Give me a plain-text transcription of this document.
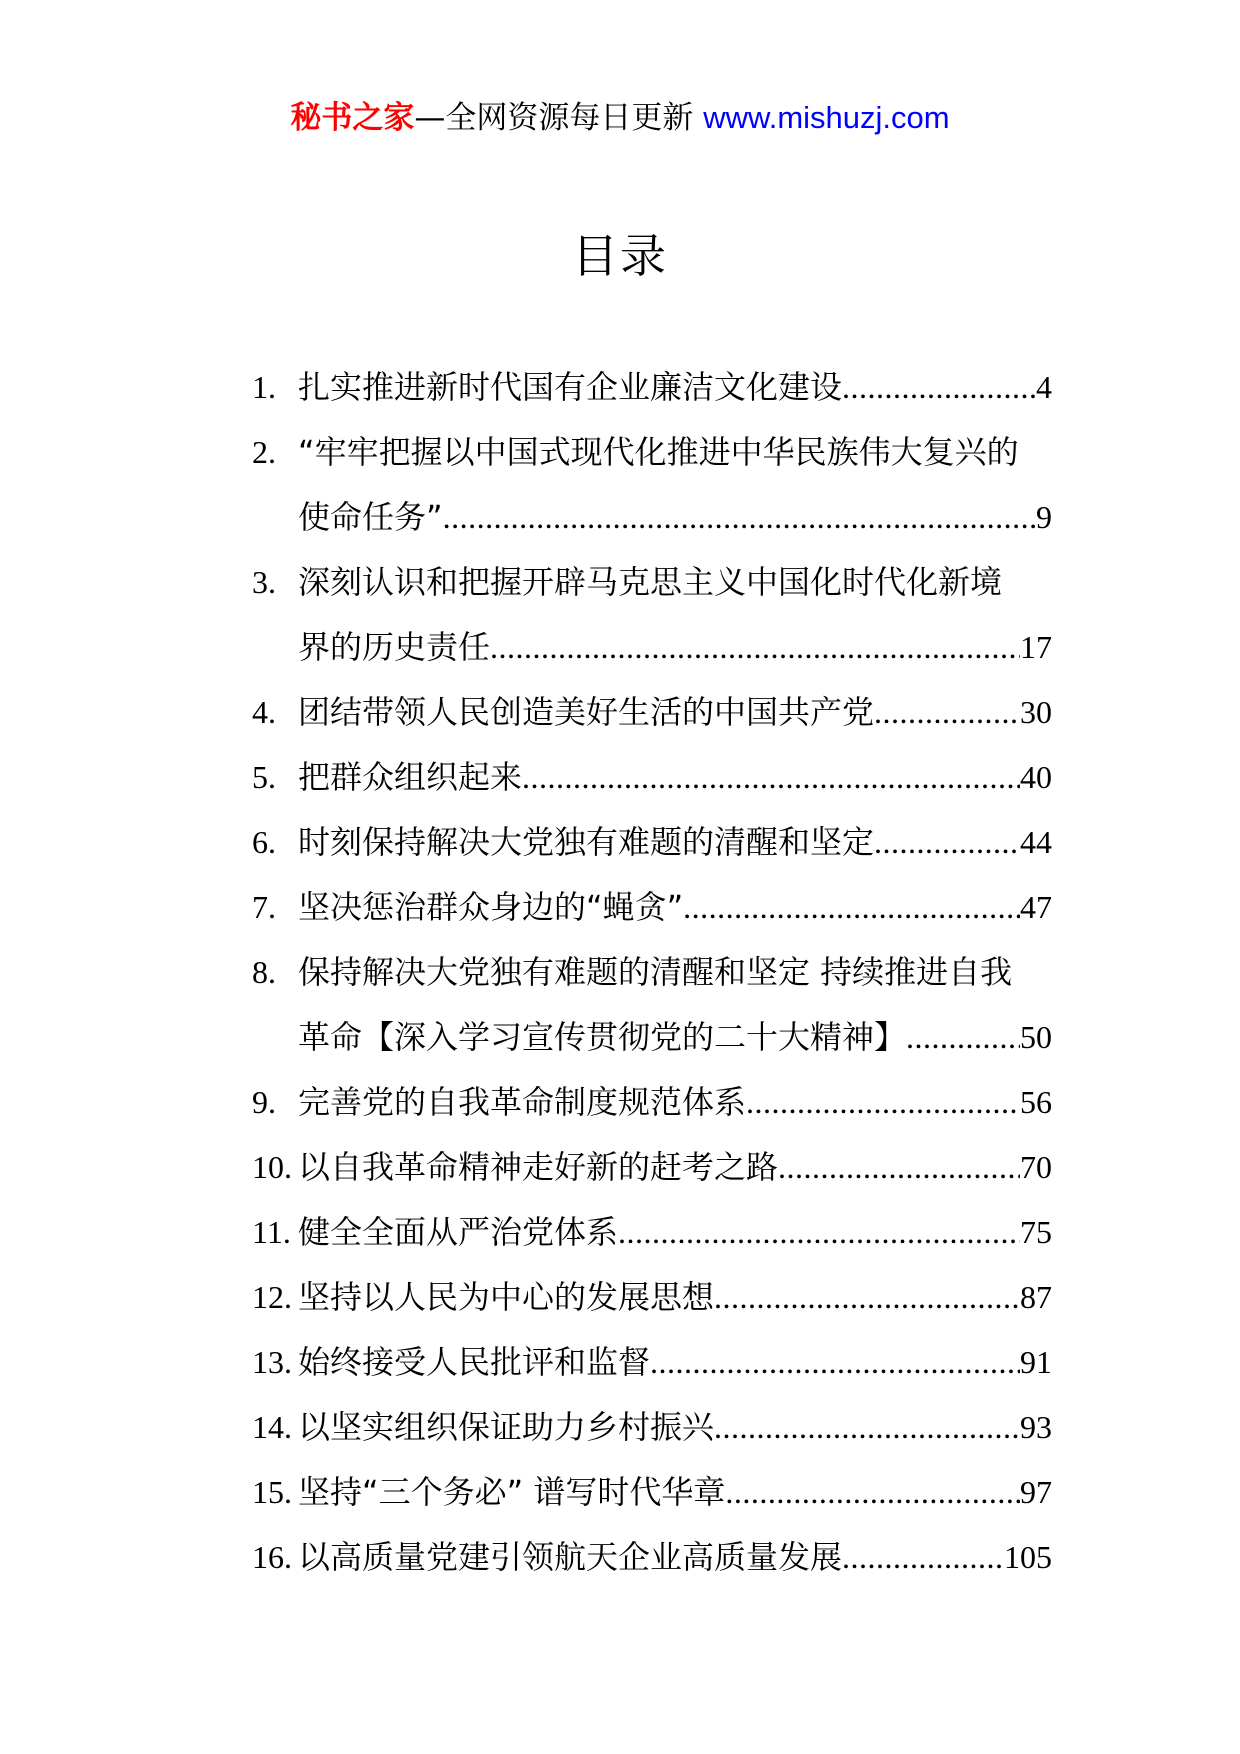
秘书之家—全网资源每日更新 www.mishuzj.com
目录
1. 扎实推进新时代国有企业廉洁文化建设 .....	4
2. “牢牢把握以中国式现代化推进中华民族伟大复兴的
使命任务” .....	9
3. 深刻认识和把握开辟马克思主义中国化时代化新境
界的历史责任 .....	17
4. 团结带领人民创造美好生活的中国共产党 .....	30
5. 把群众组织起来 .....	40
6. 时刻保持解决大党独有难题的清醒和坚定 .....	44
7. 坚决惩治群众身边的“蝇贪” .....	47
8. 保持解决大党独有难题的清醒和坚定 持续推进自我
革命【深入学习宣传贯彻党的二十大精神】 .....	50
9. 完善党的自我革命制度规范体系 .....	56
10. 以自我革命精神走好新的赶考之路 .....	70
11. 健全全面从严治党体系 .....	75
12. 坚持以人民为中心的发展思想 .....	87
13. 始终接受人民批评和监督 .....	91
14. 以坚实组织保证助力乡村振兴 .....	93
15. 坚持“三个务必” 谱写时代华章 .....	97
16. 以高质量党建引领航天企业高质量发展 .....	105
